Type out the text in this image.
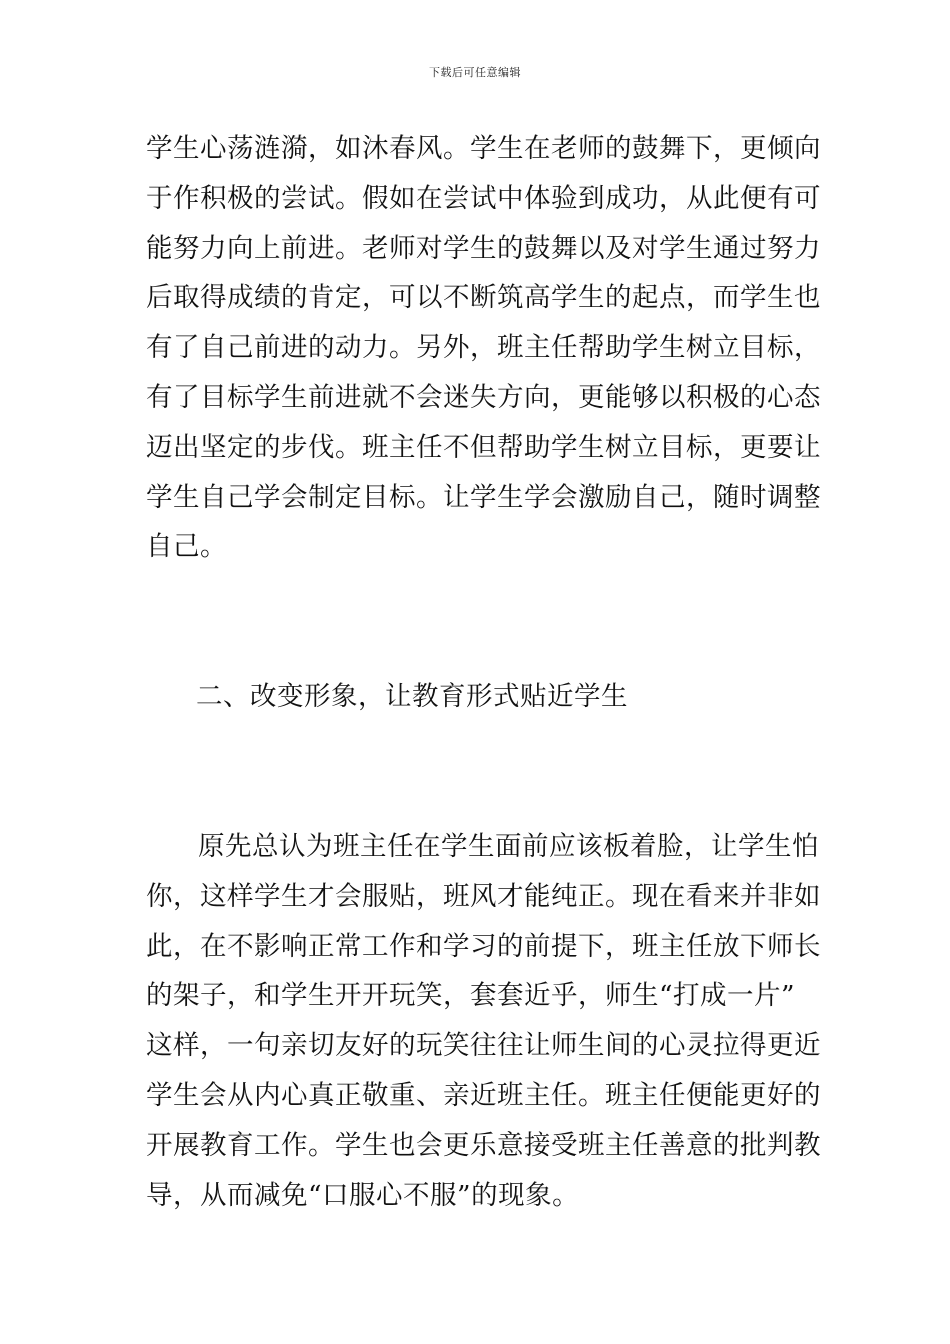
下载后可任意编辑
学生心荡涟漪，如沐春风。学生在老师的鼓舞下，更倾向
于作积极的尝试。假如在尝试中体验到成功，从此便有可
能努力向上前进。老师对学生的鼓舞以及对学生通过努力
后取得成绩的肯定，可以不断筑高学生的起点，而学生也
有了自己前进的动力。另外，班主任帮助学生树立目标，
有了目标学生前进就不会迷失方向，更能够以积极的心态
迈出坚定的步伐。班主任不但帮助学生树立目标，更要让
学生自己学会制定目标。让学生学会激励自己，随时调整
自己。
二、改变形象，让教育形式贴近学生
原先总认为班主任在学生面前应该板着脸，让学生怕
你，这样学生才会服贴，班风才能纯正。现在看来并非如
此，在不影响正常工作和学习的前提下，班主任放下师长
的架子，和学生开开玩笑，套套近乎，师生“打成一片”
这样，一句亲切友好的玩笑往往让师生间的心灵拉得更近
学生会从内心真正敬重、亲近班主任。班主任便能更好的
开展教育工作。学生也会更乐意接受班主任善意的批判教
导，从而减免“口服心不服”的现象。
